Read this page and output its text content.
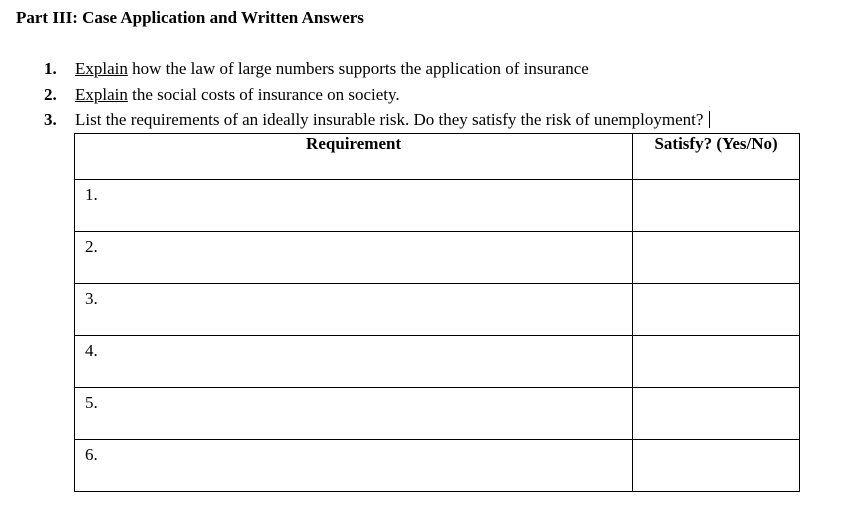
Part III: Case Application and Written Answers
1. Explain how the law of large numbers supports the application of insurance
2. Explain the social costs of insurance on society.
3. List the requirements of an ideally insurable risk. Do they satisfy the risk of unemployment?
Requirement	Satisfy? (Yes/No)
1.	
2.	
3.	
4.	
5.	
6.	
